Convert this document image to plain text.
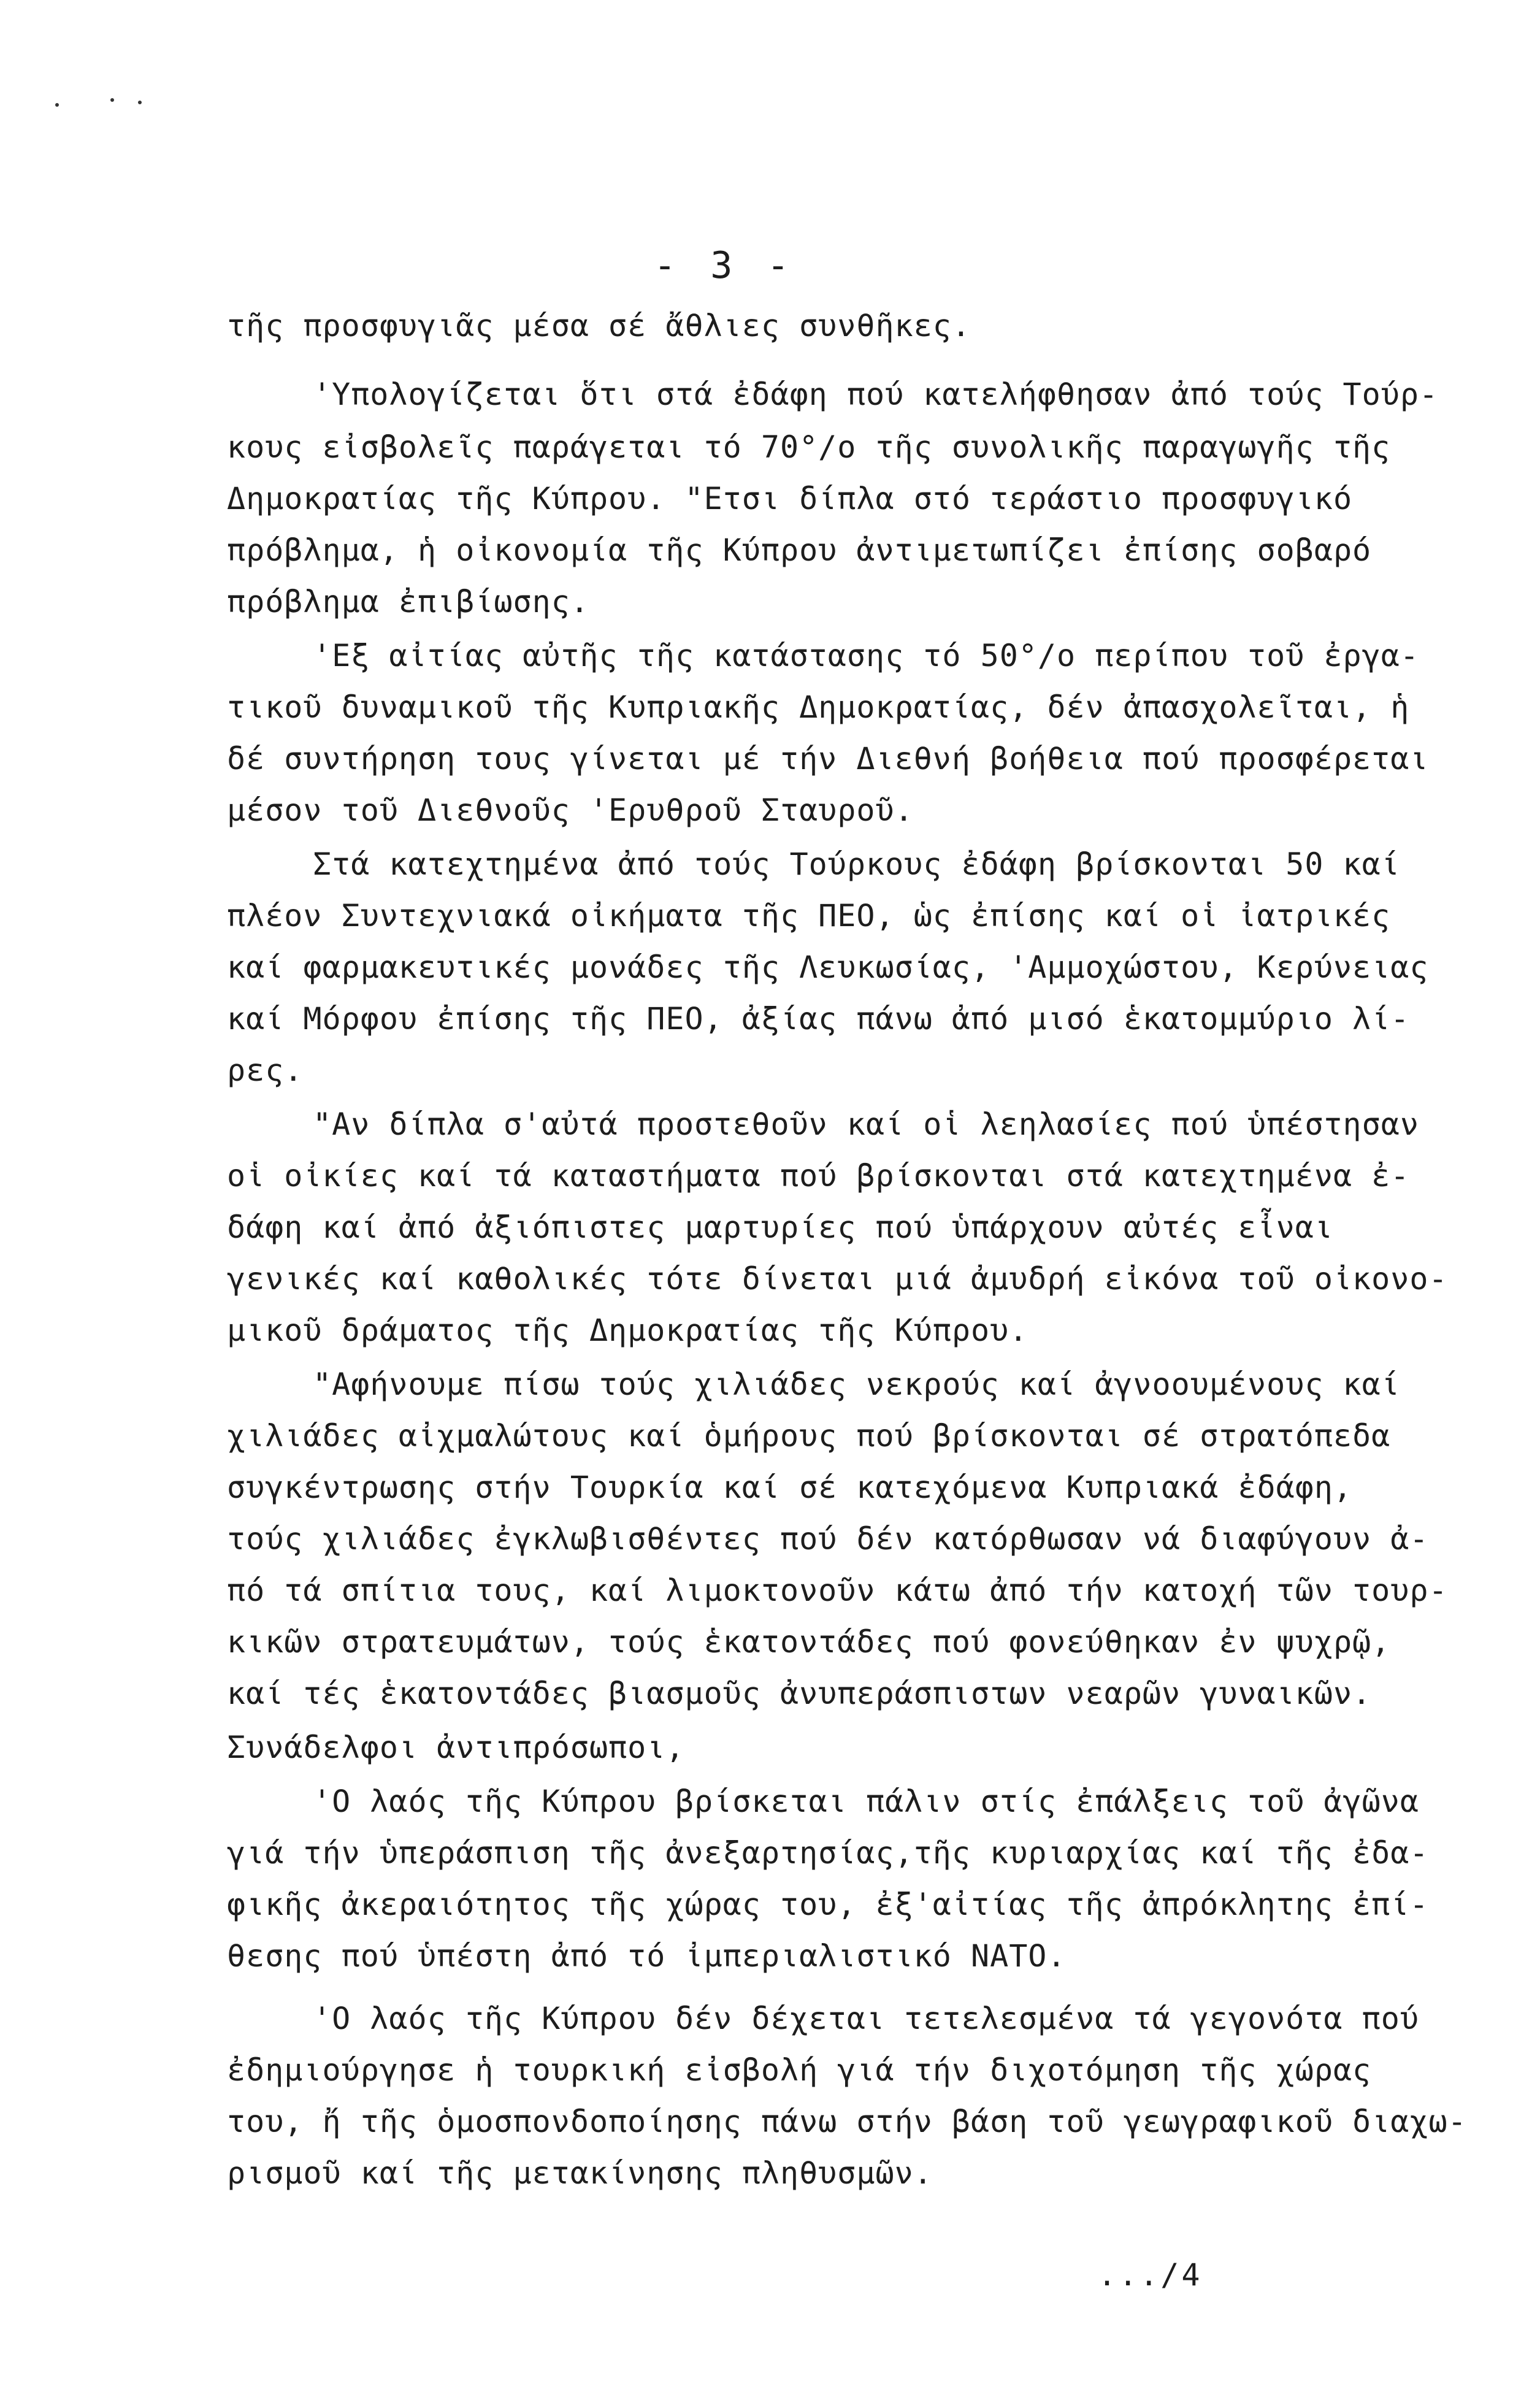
- 3 -
τῆς προσφυγιᾶς μέσα σέ ἄθλιες συνθῆκες.
'Υπολογίζεται ὅτι στά ἐδάφη πού κατελήφθησαν ἀπό τούς Τούρ-
κους εἰσβολεῖς παράγεται τό 70°/ο τῆς συνολικῆς παραγωγῆς τῆς
Δημοκρατίας τῆς Κύπρου. "Ετσι δίπλα στό τεράστιο προσφυγικό
πρόβλημα, ἡ οἰκονομία τῆς Κύπρου ἀντιμετωπίζει ἐπίσης σοβαρό
πρόβλημα ἐπιβίωσης.
'Εξ αἰτίας αὐτῆς τῆς κατάστασης τό 50°/ο περίπου τοῦ ἐργα-
τικοῦ δυναμικοῦ τῆς Κυπριακῆς Δημοκρατίας, δέν ἀπασχολεῖται, ἡ
δέ συντήρηση τους γίνεται μέ τήν Διεθνή βοήθεια πού προσφέρεται
μέσον τοῦ Διεθνοῦς 'Ερυθροῦ Σταυροῦ.
Στά κατεχτημένα ἀπό τούς Τούρκους ἐδάφη βρίσκονται 50 καί
πλέον Συντεχνιακά οἰκήματα τῆς ΠΕΟ, ὡς ἐπίσης καί οἱ ἰατρικές
καί φαρμακευτικές μονάδες τῆς Λευκωσίας, 'Αμμοχώστου, Κερύνειας
καί Μόρφου ἐπίσης τῆς ΠΕΟ, ἀξίας πάνω ἀπό μισό ἑκατομμύριο λί-
ρες.
"Αν δίπλα σ'αὐτά προστεθοῦν καί οἱ λεηλασίες πού ὑπέστησαν
οἱ οἰκίες καί τά καταστήματα πού βρίσκονται στά κατεχτημένα ἐ-
δάφη καί ἀπό ἀξιόπιστες μαρτυρίες πού ὑπάρχουν αὐτές εἶναι
γενικές καί καθολικές τότε δίνεται μιά ἀμυδρή εἰκόνα τοῦ οἰκονο-
μικοῦ δράματος τῆς Δημοκρατίας τῆς Κύπρου.
"Αφήνουμε πίσω τούς χιλιάδες νεκρούς καί ἀγνοουμένους καί
χιλιάδες αἰχμαλώτους καί ὁμήρους πού βρίσκονται σέ στρατόπεδα
συγκέντρωσης στήν Τουρκία καί σέ κατεχόμενα Κυπριακά ἐδάφη,
τούς χιλιάδες ἐγκλωβισθέντες πού δέν κατόρθωσαν νά διαφύγουν ἀ-
πό τά σπίτια τους, καί λιμοκτονοῦν κάτω ἀπό τήν κατοχή τῶν τουρ-
κικῶν στρατευμάτων, τούς ἑκατοντάδες πού φονεύθηκαν ἐν ψυχρῷ,
καί τές ἑκατοντάδες βιασμοῦς ἀνυπεράσπιστων νεαρῶν γυναικῶν.
Συνάδελφοι ἀντιπρόσωποι,
'Ο λαός τῆς Κύπρου βρίσκεται πάλιν στίς ἐπάλξεις τοῦ ἀγῶνα
γιά τήν ὑπεράσπιση τῆς ἀνεξαρτησίας,τῆς κυριαρχίας καί τῆς ἐδα-
φικῆς ἀκεραιότητος τῆς χώρας του, ἐξ'αἰτίας τῆς ἀπρόκλητης ἐπί-
θεσης πού ὑπέστη ἀπό τό ἰμπεριαλιστικό ΝΑΤΟ.
'Ο λαός τῆς Κύπρου δέν δέχεται τετελεσμένα τά γεγονότα πού
ἐδημιούργησε ἡ τουρκική εἰσβολή γιά τήν διχοτόμηση τῆς χώρας
του, ἤ τῆς ὁμοσπονδοποίησης πάνω στήν βάση τοῦ γεωγραφικοῦ διαχω-
ρισμοῦ καί τῆς μετακίνησης πληθυσμῶν.
.../4
